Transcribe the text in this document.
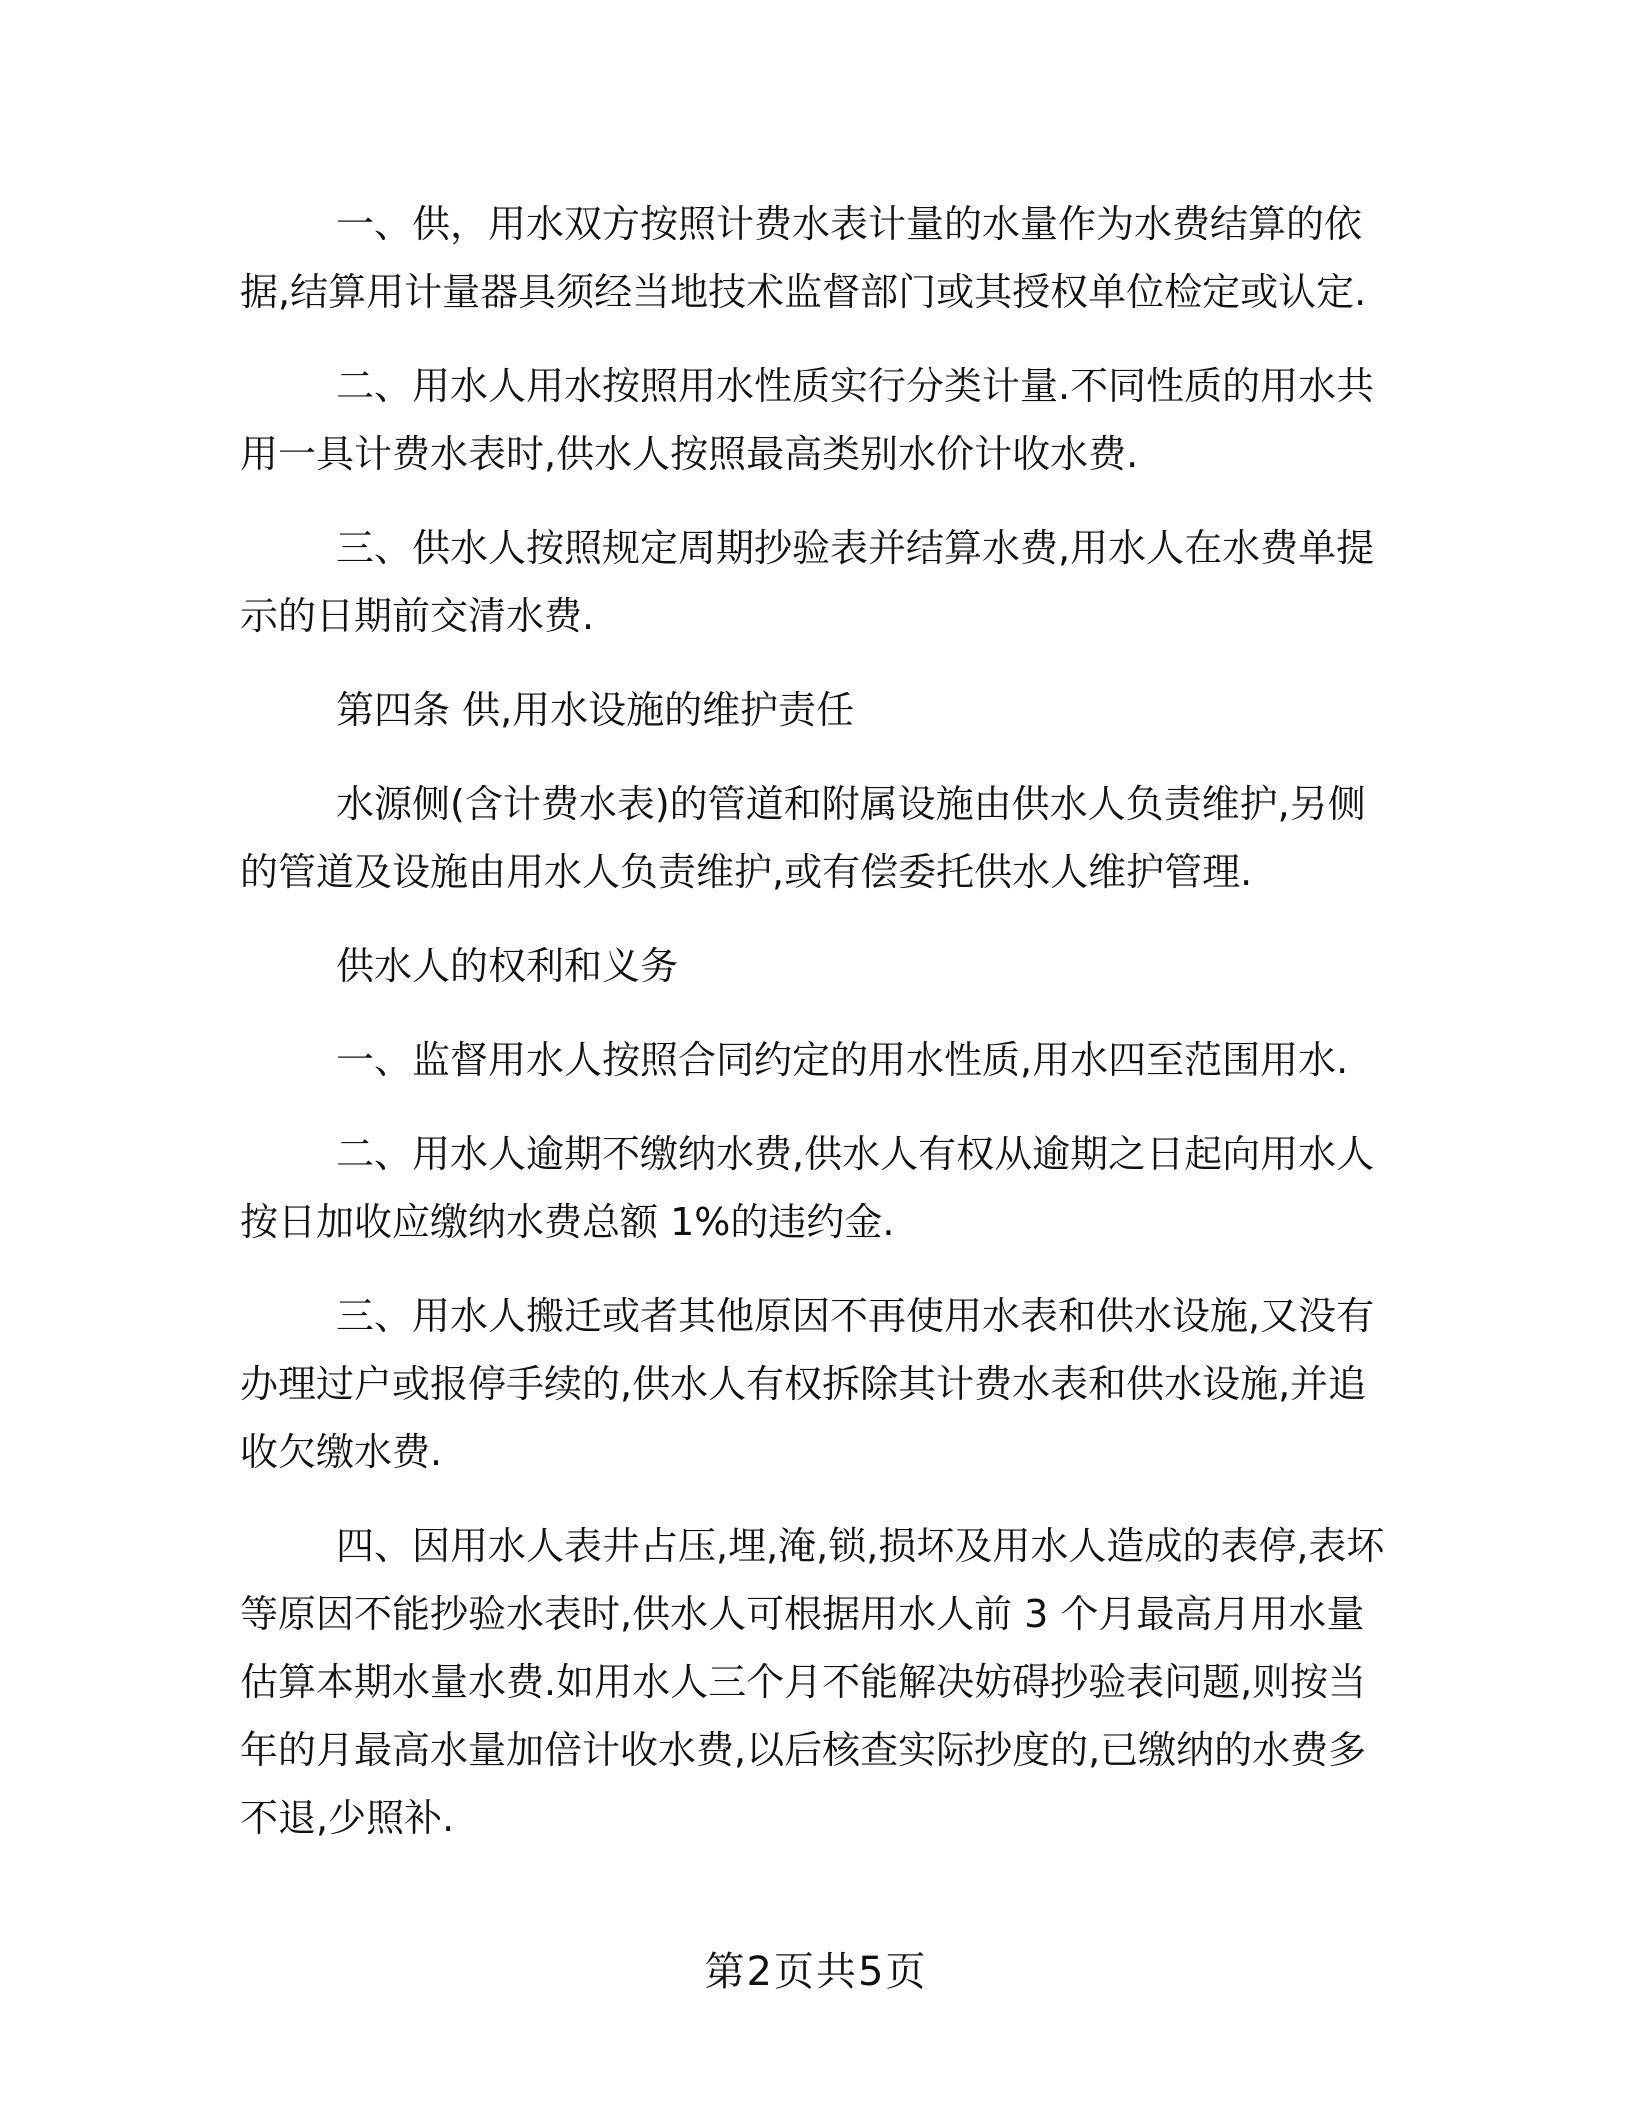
一、供，用水双方按照计费水表计量的水量作为水费结算的依据,结算用计量器具须经当地技术监督部门或其授权单位检定或认定.

二、用水人用水按照用水性质实行分类计量.不同性质的用水共用一具计费水表时,供水人按照最高类别水价计收水费.

三、供水人按照规定周期抄验表并结算水费,用水人在水费单提示的日期前交清水费.

第四条 供,用水设施的维护责任

水源侧(含计费水表)的管道和附属设施由供水人负责维护,另侧的管道及设施由用水人负责维护,或有偿委托供水人维护管理.

供水人的权利和义务

一、监督用水人按照合同约定的用水性质,用水四至范围用水.

二、用水人逾期不缴纳水费,供水人有权从逾期之日起向用水人按日加收应缴纳水费总额 1%的违约金.

三、用水人搬迁或者其他原因不再使用水表和供水设施,又没有办理过户或报停手续的,供水人有权拆除其计费水表和供水设施,并追收欠缴水费.

四、因用水人表井占压,埋,淹,锁,损坏及用水人造成的表停,表坏等原因不能抄验水表时,供水人可根据用水人前 3 个月最高月用水量估算本期水量水费.如用水人三个月不能解决妨碍抄验表问题,则按当年的月最高水量加倍计收水费,以后核查实际抄度的,已缴纳的水费多不退,少照补.

第2页共5页
